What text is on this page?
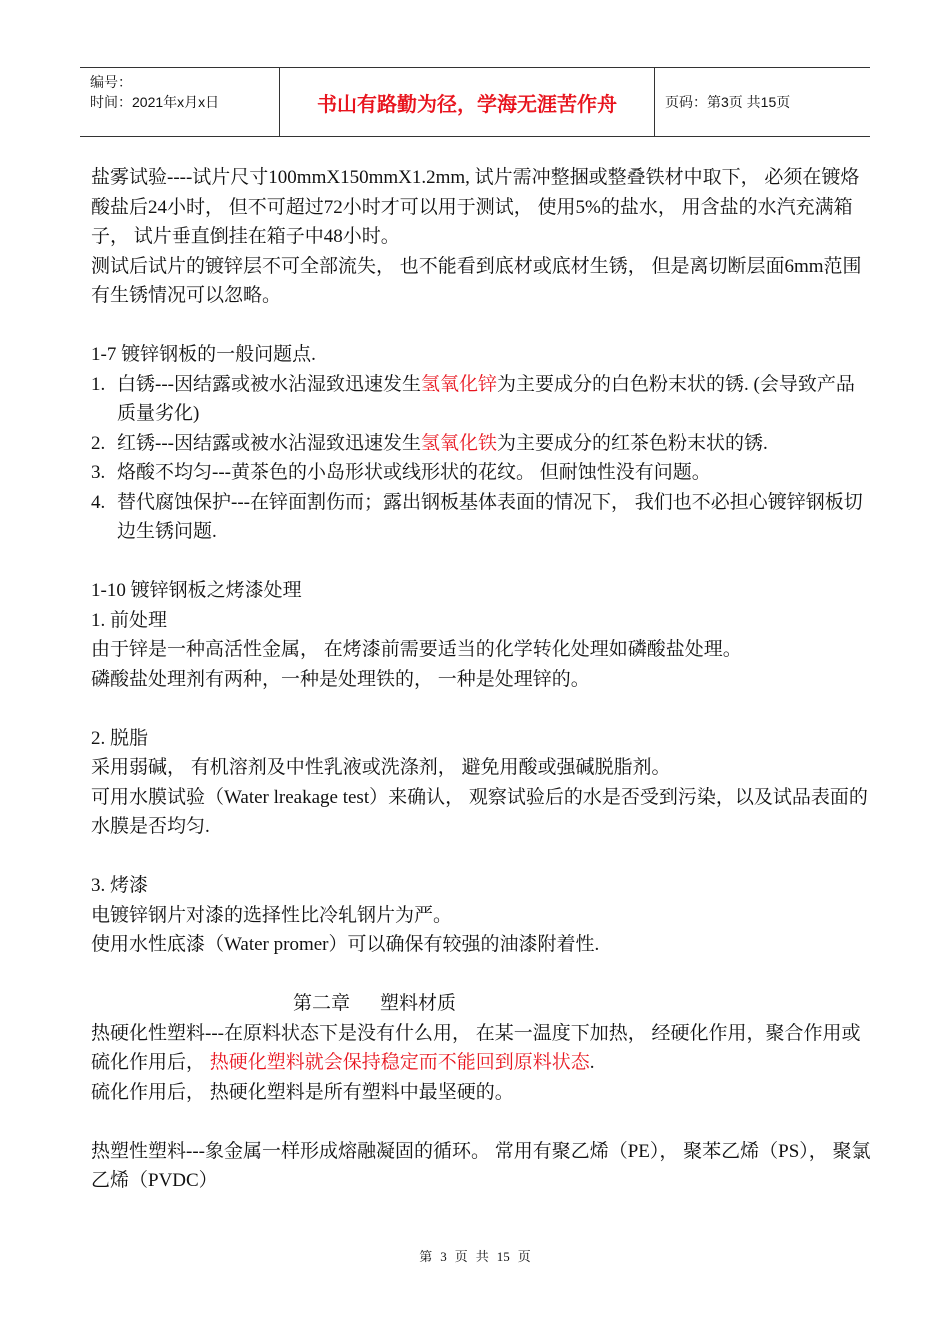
编号：
时间：2021年x月x日	书山有路勤为径，学海无涯苦作舟	页码：第3页 共15页

盐雾试验----试片尺寸100mmX150mmX1.2mm, 试片需冲整捆或整叠铁材中取下， 必须在镀烙酸盐后24小时， 但不可超过72小时才可以用于测试， 使用5%的盐水， 用含盐的水汽充满箱子， 试片垂直倒挂在箱子中48小时。

测试后试片的镀锌层不可全部流失， 也不能看到底材或底材生锈， 但是离切断层面6mm范围有生锈情况可以忽略。

1-7 镀锌钢板的一般问题点.

1. 白锈---因结露或被水沾湿致迅速发生氢氧化锌为主要成分的白色粉末状的锈. (会导致产品质量劣化)
2. 红锈---因结露或被水沾湿致迅速发生氢氧化铁为主要成分的红茶色粉末状的锈.
3. 烙酸不均匀---黄茶色的小岛形状或线形状的花纹。 但耐蚀性没有问题。
4. 替代腐蚀保护---在锌面割伤而；露出钢板基体表面的情况下， 我们也不必担心镀锌钢板切边生锈问题.

1-10 镀锌钢板之烤漆处理

1. 前处理

由于锌是一种高活性金属， 在烤漆前需要适当的化学转化处理如磷酸盐处理。

磷酸盐处理剂有两种，一种是处理铁的， 一种是处理锌的。

2. 脱脂

采用弱碱， 有机溶剂及中性乳液或洗涤剂， 避免用酸或强碱脱脂剂。

可用水膜试验（Water lreakage test）来确认， 观察试验后的水是否受到污染，以及试品表面的水膜是否均匀.

3. 烤漆

电镀锌钢片对漆的选择性比冷轧钢片为严。

使用水性底漆（Water promer）可以确保有较强的油漆附着性.

第二章 塑料材质

热硬化性塑料---在原料状态下是没有什么用， 在某一温度下加热， 经硬化作用，聚合作用或硫化作用后， 热硬化塑料就会保持稳定而不能回到原料状态.

硫化作用后， 热硬化塑料是所有塑料中最坚硬的。

热塑性塑料---象金属一样形成熔融凝固的循环。 常用有聚乙烯（PE）， 聚苯乙烯（PS）， 聚氯乙烯（PVDC）

第 3 页 共 15 页
